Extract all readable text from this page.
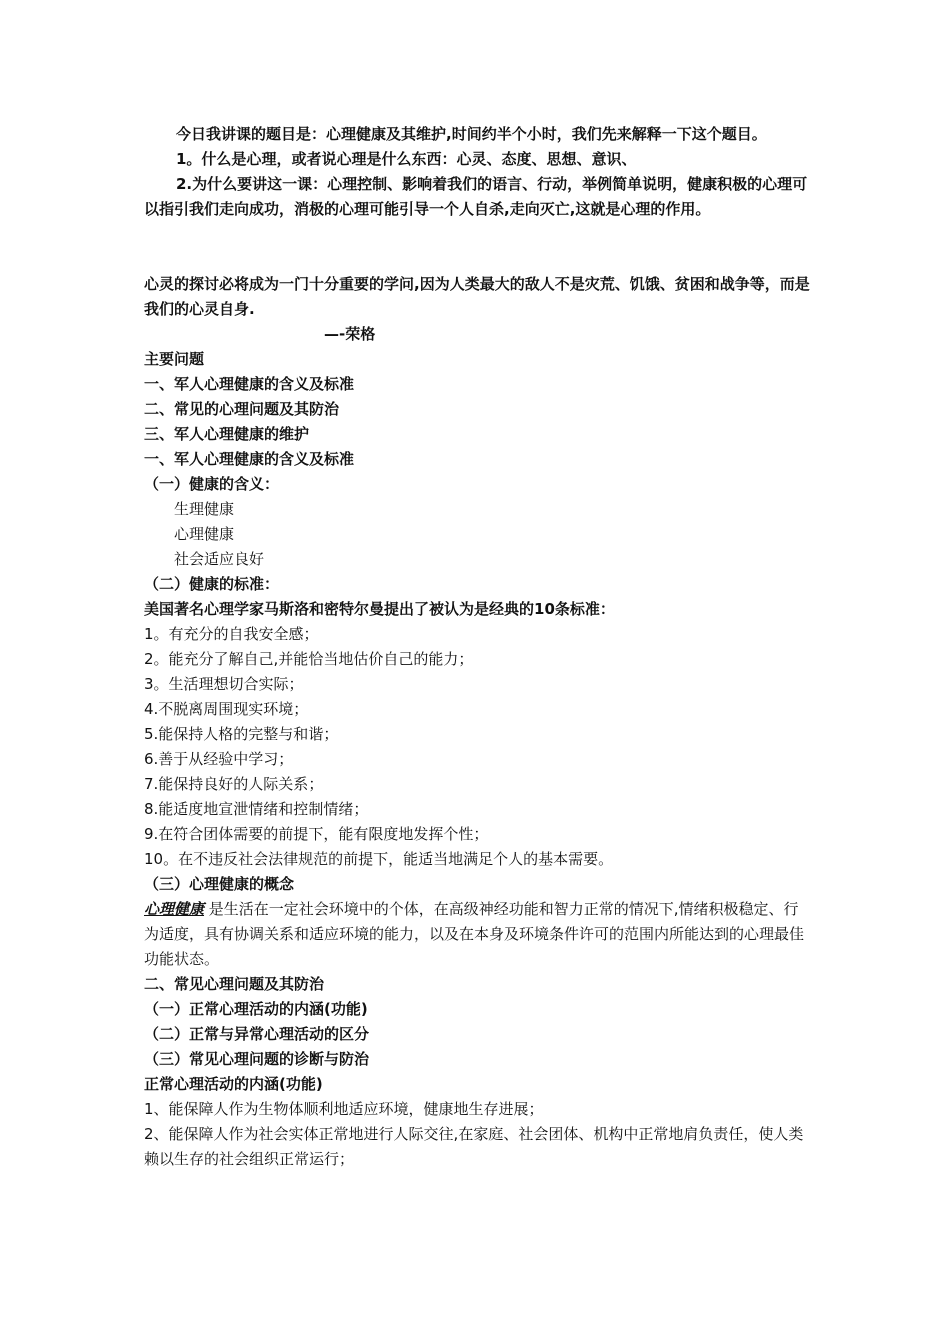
今日我讲课的题目是：心理健康及其维护,时间约半个小时，我们先来解释一下这个题目。

1。什么是心理，或者说心理是什么东西：心灵、态度、思想、意识、

2.为什么要讲这一课：心理控制、影响着我们的语言、行动，举例简单说明，健康积极的心理可以指引我们走向成功，消极的心理可能引导一个人自杀,走向灭亡,这就是心理的作用。

心灵的探讨必将成为一门十分重要的学问,因为人类最大的敌人不是灾荒、饥饿、贫困和战争等，而是我们的心灵自身.

—-荣格

主要问题

一、军人心理健康的含义及标准

二、常见的心理问题及其防治

三、军人心理健康的维护

一、军人心理健康的含义及标准

（一）健康的含义：

生理健康

心理健康

社会适应良好

（二）健康的标准：

美国著名心理学家马斯洛和密特尔曼提出了被认为是经典的10条标准：

1。有充分的自我安全感；

2。能充分了解自己,并能恰当地估价自己的能力；

3。生活理想切合实际；

4.不脱离周围现实环境；

5.能保持人格的完整与和谐；

6.善于从经验中学习；

7.能保持良好的人际关系；

8.能适度地宣泄情绪和控制情绪；

9.在符合团体需要的前提下，能有限度地发挥个性；

10。在不违反社会法律规范的前提下，能适当地满足个人的基本需要。

（三）心理健康的概念

心理健康 是生活在一定社会环境中的个体，在高级神经功能和智力正常的情况下,情绪积极稳定、行为适度，具有协调关系和适应环境的能力，以及在本身及环境条件许可的范围内所能达到的心理最佳功能状态。

二、常见心理问题及其防治

（一）正常心理活动的内涵(功能)

（二）正常与异常心理活动的区分

（三）常见心理问题的诊断与防治

正常心理活动的内涵(功能)

1、能保障人作为生物体顺利地适应环境，健康地生存进展；

2、能保障人作为社会实体正常地进行人际交往,在家庭、社会团体、机构中正常地肩负责任，使人类赖以生存的社会组织正常运行；
